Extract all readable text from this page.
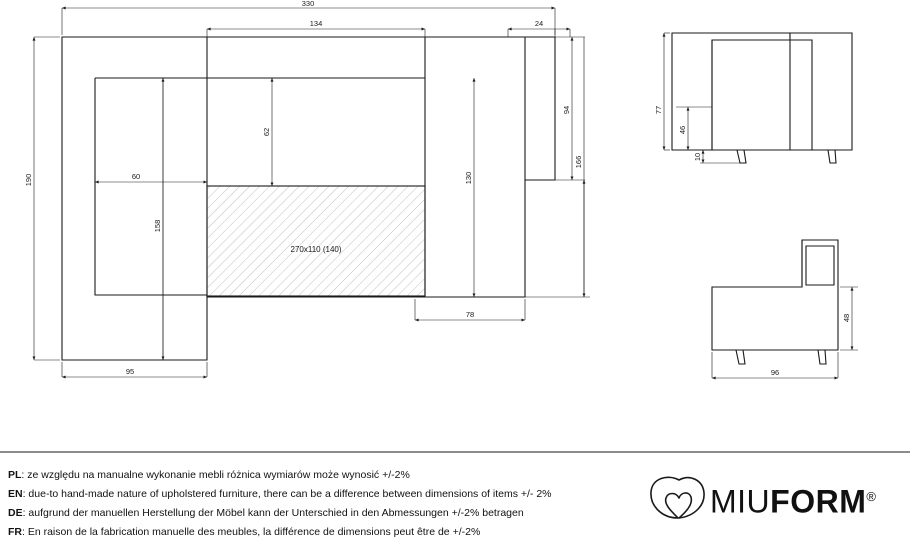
270x110 (140)
330
134	24
190
158
60
62
130
94
166
95
78
77
46
10
48
96
PL: ze względu na manualne wykonanie mebli różnica wymiarów może wynosić +/-2%
EN: due-to hand-made nature of upholstered furniture, there can be a difference between dimensions of items +/- 2%
DE: aufgrund der manuellen Herstellung der Möbel kann der Unterschied in den Abmessungen +/-2% betragen
FR: En raison de la fabrication manuelle des meubles, la différence de dimensions peut être de +/-2%
MIUFORM®
